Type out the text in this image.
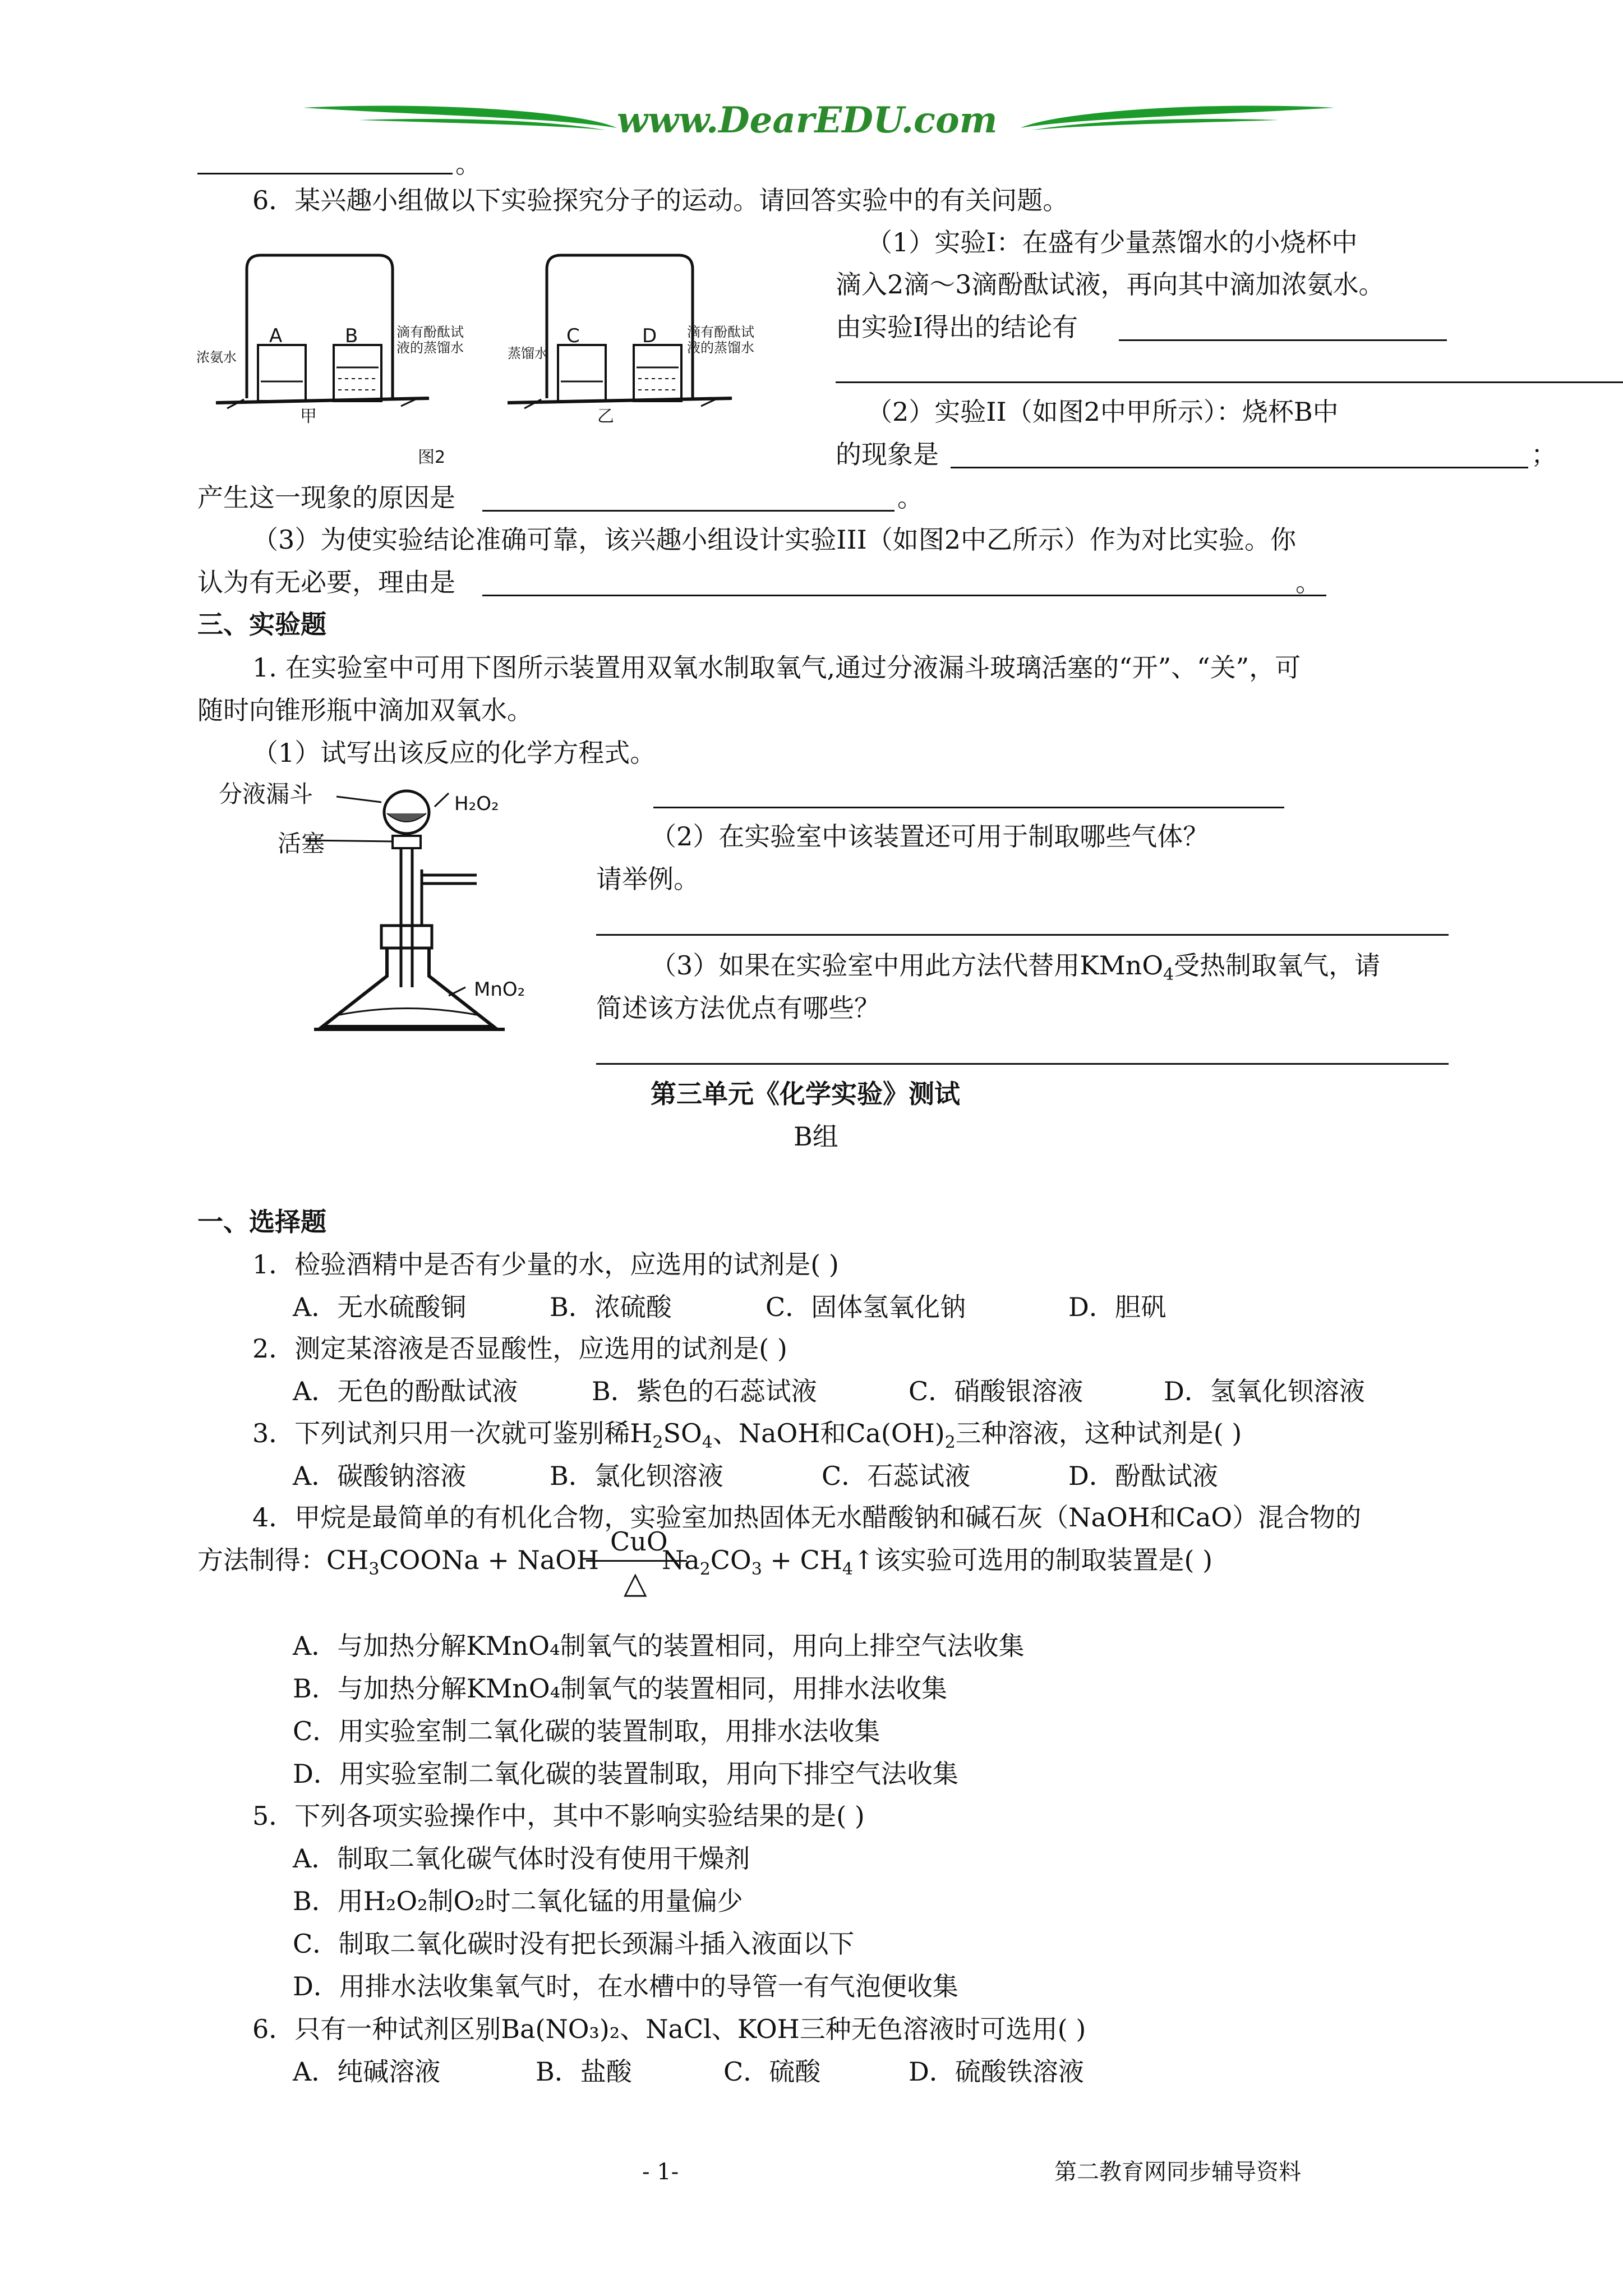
www.DearEDU.com
。
6．某兴趣小组做以下实验探究分子的运动。请回答实验中的有关问题。
A	B
浓氨水
滴有酚酞试
液的蒸馏水
甲
C	D
蒸馏水
滴有酚酞试
液的蒸馏水
乙
图2
（1）实验Ⅰ：在盛有少量蒸馏水的小烧杯中
滴入2滴～3滴酚酞试液，再向其中滴加浓氨水。
由实验Ⅰ得出的结论有
（2）实验II（如图2中甲所示）：烧杯B中
的现象是	；
产生这一现象的原因是	。
（3）为使实验结论准确可靠，该兴趣小组设计实验III（如图2中乙所示）作为对比实验。你
认为有无必要，理由是	。
三、实验题
1. 在实验室中可用下图所示装置用双氧水制取氧气,通过分液漏斗玻璃活塞的“开”、“关”，可
随时向锥形瓶中滴加双氧水。
（1）试写出该反应的化学方程式。
分液漏斗
活塞
H₂O₂
MnO₂
（2）在实验室中该装置还可用于制取哪些气体？
请举例。
（3）如果在实验室中用此方法代替用KMnO$_4$受热制取氧气，请
简述该方法优点有哪些？
第三单元《化学实验》测试
B组
一、选择题
1．检验酒精中是否有少量的水，应选用的试剂是( )
A．无水硫酸铜	B．浓硫酸	C．固体氢氧化钠	D．胆矾
2．测定某溶液是否显酸性，应选用的试剂是( )
A．无色的酚酞试液	B．紫色的石蕊试液	C．硝酸银溶液	D．氢氧化钡溶液
3．下列试剂只用一次就可鉴别稀$H_2SO_4$、NaOH和$Ca(OH)_2$三种溶液，这种试剂是( )
A．碳酸钠溶液	B．氯化钡溶液	C．石蕊试液	D．酚酞试液
4．甲烷是最简单的有机化合物，实验室加热固体无水醋酸钠和碱石灰（NaOH和CaO）混合物的
方法制得：$CH_3COONa$ + NaOH
CuO
△
$Na_2CO_3$ + $CH_4↑$该实验可选用的制取装置是( )
A．与加热分解KMnO₄制氧气的装置相同，用向上排空气法收集
B．与加热分解KMnO₄制氧气的装置相同，用排水法收集
C．用实验室制二氧化碳的装置制取，用排水法收集
D．用实验室制二氧化碳的装置制取，用向下排空气法收集
5．下列各项实验操作中，其中不影响实验结果的是( )
A．制取二氧化碳气体时没有使用干燥剂
B．用H₂O₂制O₂时二氧化锰的用量偏少
C．制取二氧化碳时没有把长颈漏斗插入液面以下
D．用排水法收集氧气时，在水槽中的导管一有气泡便收集
6．只有一种试剂区别Ba(NO₃)₂、NaCl、KOH三种无色溶液时可选用( )
A．纯碱溶液	B．盐酸	C．硫酸	D．硫酸铁溶液
- 1-	第二教育网同步辅导资料
